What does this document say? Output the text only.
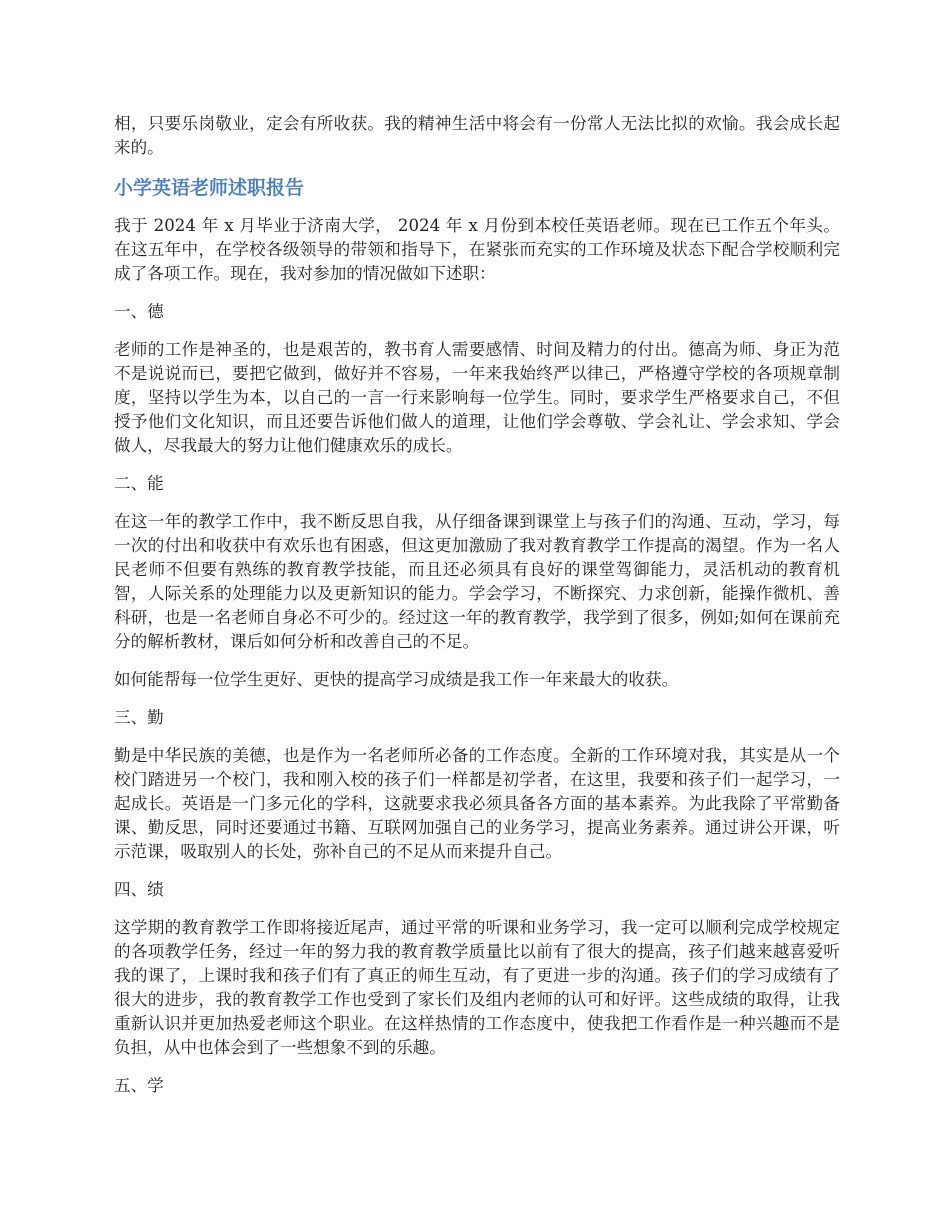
相，只要乐岗敬业，定会有所收获。我的精神生活中将会有一份常人无法比拟的欢愉。我会成长起来的。

小学英语老师述职报告

我于 2024 年 x 月毕业于济南大学， 2024 年 x 月份到本校任英语老师。现在已工作五个年头。在这五年中，在学校各级领导的带领和指导下，在紧张而充实的工作环境及状态下配合学校顺利完成了各项工作。现在，我对参加的情况做如下述职：

一、德

老师的工作是神圣的，也是艰苦的，教书育人需要感情、时间及精力的付出。德高为师、身正为范不是说说而已，要把它做到，做好并不容易，一年来我始终严以律己，严格遵守学校的各项规章制度，坚持以学生为本，以自己的一言一行来影响每一位学生。同时，要求学生严格要求自己，不但授予他们文化知识，而且还要告诉他们做人的道理，让他们学会尊敬、学会礼让、学会求知、学会做人，尽我最大的努力让他们健康欢乐的成长。

二、能

在这一年的教学工作中，我不断反思自我，从仔细备课到课堂上与孩子们的沟通、互动，学习，每一次的付出和收获中有欢乐也有困惑，但这更加激励了我对教育教学工作提高的渴望。作为一名人民老师不但要有熟练的教育教学技能，而且还必须具有良好的课堂驾御能力，灵活机动的教育机智，人际关系的处理能力以及更新知识的能力。学会学习，不断探究、力求创新，能操作微机、善科研，也是一名老师自身必不可少的。经过这一年的教育教学，我学到了很多，例如;如何在课前充分的解析教材，课后如何分析和改善自己的不足。

如何能帮每一位学生更好、更快的提高学习成绩是我工作一年来最大的收获。

三、勤

勤是中华民族的美德，也是作为一名老师所必备的工作态度。全新的工作环境对我，其实是从一个校门踏进另一个校门，我和刚入校的孩子们一样都是初学者，在这里，我要和孩子们一起学习，一起成长。英语是一门多元化的学科，这就要求我必须具备各方面的基本素养。为此我除了平常勤备课、勤反思，同时还要通过书籍、互联网加强自己的业务学习，提高业务素养。通过讲公开课，听示范课，吸取别人的长处，弥补自己的不足从而来提升自己。

四、绩

这学期的教育教学工作即将接近尾声，通过平常的听课和业务学习，我一定可以顺利完成学校规定的各项教学任务，经过一年的努力我的教育教学质量比以前有了很大的提高，孩子们越来越喜爱听我的课了，上课时我和孩子们有了真正的师生互动，有了更进一步的沟通。孩子们的学习成绩有了很大的进步，我的教育教学工作也受到了家长们及组内老师的认可和好评。这些成绩的取得，让我重新认识并更加热爱老师这个职业。在这样热情的工作态度中，使我把工作看作是一种兴趣而不是负担，从中也体会到了一些想象不到的乐趣。

五、学
